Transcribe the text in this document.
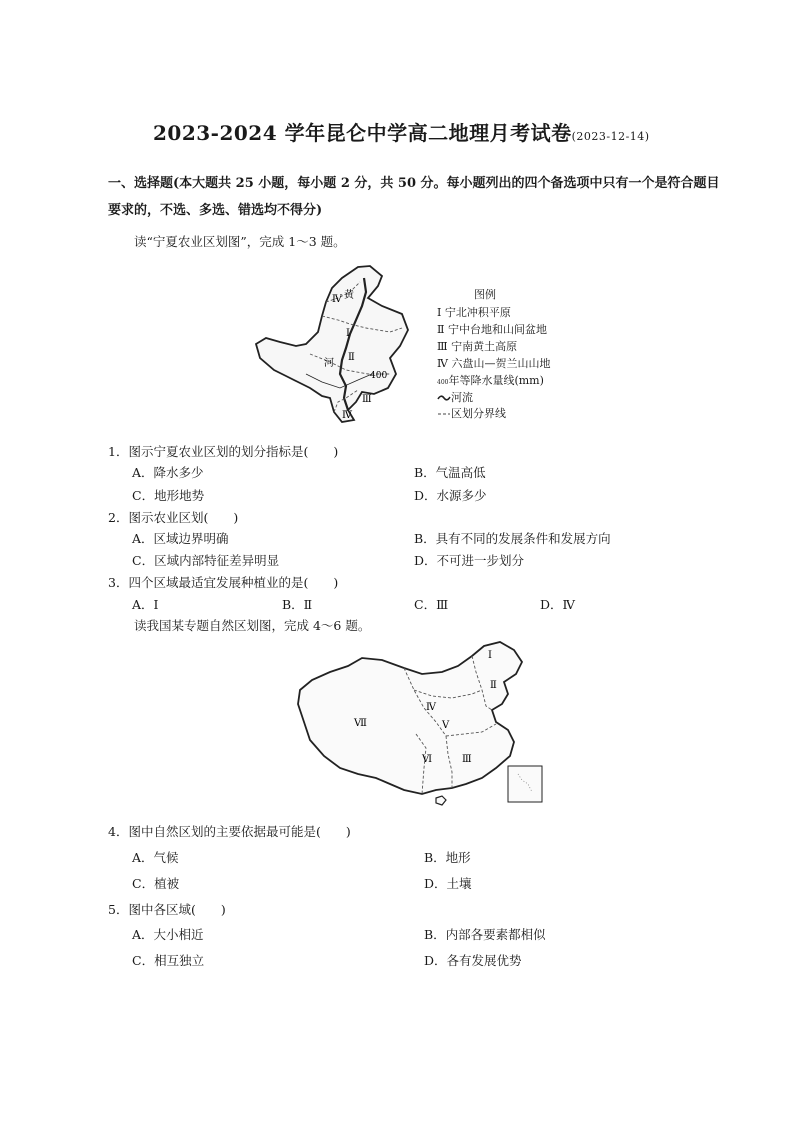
2023-2024 学年昆仑中学高二地理月考试卷(2023-12-14)
一、选择题(本大题共 25 小题，每小题 2 分，共 50 分。每小题列出的四个备选项中只有一个是符合题目
要求的，不选、多选、错选均不得分)
读“宁夏农业区划图”，完成 1～3 题。
Ⅳ 黄
Ⅰ
Ⅱ
河
400
Ⅲ
Ⅳ
图例
Ⅰ 宁北冲积平原
Ⅱ 宁中台地和山间盆地
Ⅲ 宁南黄土高原
Ⅳ 六盘山—贺兰山山地
400年等降水量线(mm)
河流
区划分界线
1．图示宁夏农业区划的划分指标是(　　)
A．降水多少	B．气温高低
C．地形地势	D．水源多少
2．图示农业区划(　　)
A．区域边界明确	B．具有不同的发展条件和发展方向
C．区域内部特征差异明显	D．不可进一步划分
3．四个区域最适宜发展种植业的是(　　)
A．Ⅰ	B．Ⅱ	C．Ⅲ	D．Ⅳ
读我国某专题自然区划图，完成 4～6 题。
Ⅰ
Ⅱ
Ⅳ
Ⅴ
Ⅶ
Ⅵ	Ⅲ
4．图中自然区划的主要依据最可能是(　　)
A．气候	B．地形
C．植被	D．土壤
5．图中各区域(　　)
A．大小相近	B．内部各要素都相似
C．相互独立	D．各有发展优势
